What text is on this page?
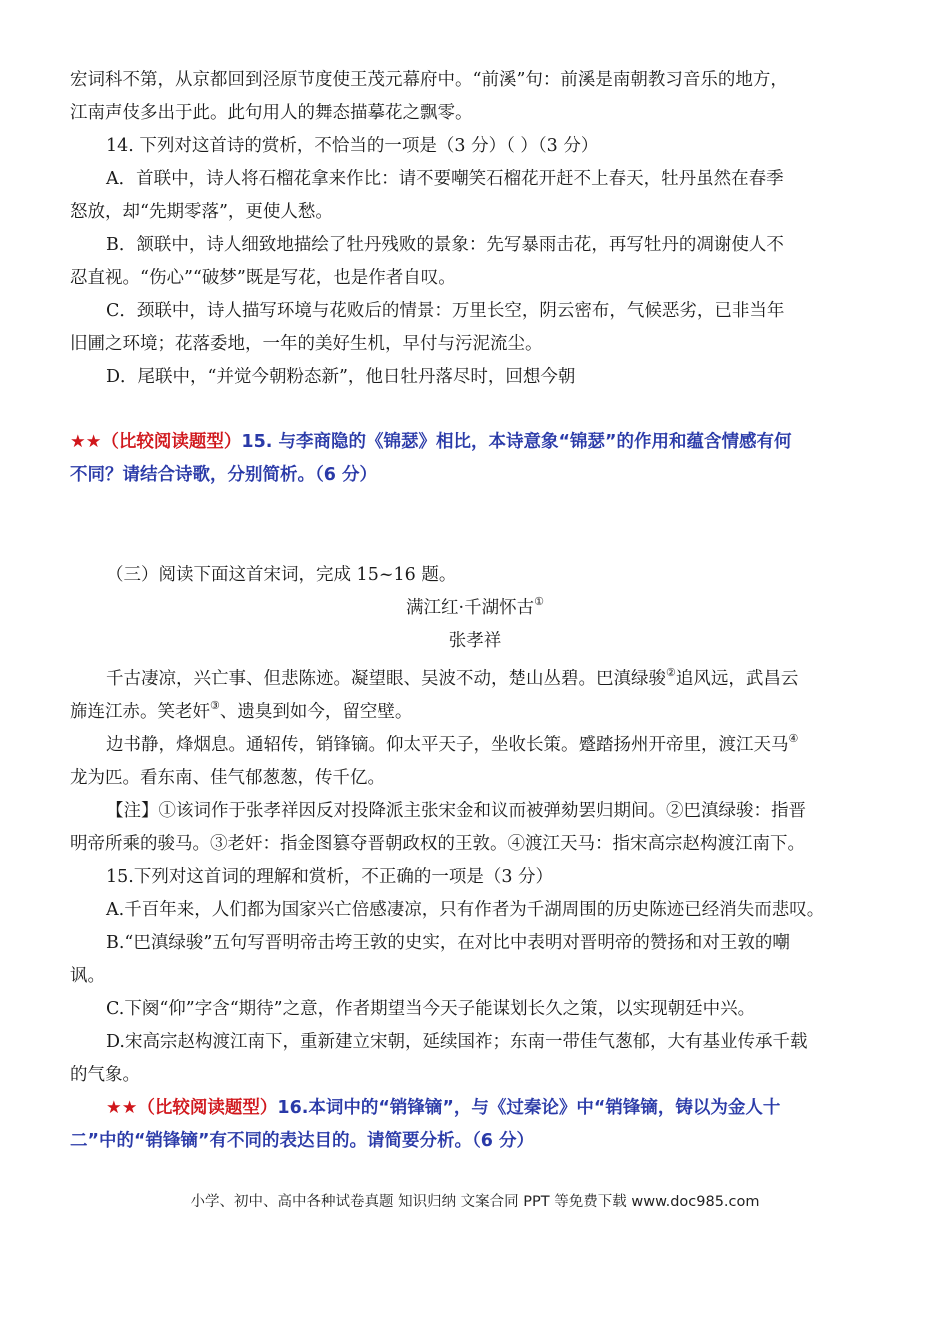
宏词科不第，从京都回到泾原节度使王茂元幕府中。“前溪”句：前溪是南朝教习音乐的地方，
江南声伎多出于此。此句用人的舞态描摹花之飘零。
14. 下列对这首诗的赏析，不恰当的一项是（3 分）（ ）（3 分）
A．首联中，诗人将石榴花拿来作比：请不要嘲笑石榴花开赶不上春天，牡丹虽然在春季
怒放，却“先期零落”，更使人愁。
B．颔联中，诗人细致地描绘了牡丹残败的景象：先写暴雨击花，再写牡丹的凋谢使人不
忍直视。“伤心”“破梦”既是写花，也是作者自叹。
C．颈联中，诗人描写环境与花败后的情景：万里长空，阴云密布，气候恶劣，已非当年
旧圃之环境；花落委地，一年的美好生机，早付与污泥流尘。
D．尾联中，“并觉今朝粉态新”，他日牡丹落尽时，回想今朝
★★（比较阅读题型）15. 与李商隐的《锦瑟》相比，本诗意象“锦瑟”的作用和蕴含情感有何
不同？请结合诗歌，分别简析。（6 分）
（三）阅读下面这首宋词，完成 15~16 题。
满江红·千湖怀古①
张孝祥
千古凄凉，兴亡事、但悲陈迹。凝望眼、吴波不动，楚山丛碧。巴滇绿骏②追风远，武昌云
旆连江赤。笑老奸③、遗臭到如今，留空壁。
边书静，烽烟息。通轺传，销锋镝。仰太平天子，坐收长策。蹙踏扬州开帝里，渡江天马④
龙为匹。看东南、佳气郁葱葱，传千亿。
【注】①该词作于张孝祥因反对投降派主张宋金和议而被弹劾罢归期间。②巴滇绿骏：指晋
明帝所乘的骏马。③老奸：指金图篡夺晋朝政权的王敦。④渡江天马：指宋高宗赵构渡江南下。
15.下列对这首词的理解和赏析，不正确的一项是（3 分）
A.千百年来，人们都为国家兴亡倍感凄凉，只有作者为千湖周围的历史陈迹已经消失而悲叹。
B.“巴滇绿骏”五句写晋明帝击垮王敦的史实，在对比中表明对晋明帝的赞扬和对王敦的嘲
讽。
C.下阕“仰”字含“期待”之意，作者期望当今天子能谋划长久之策，以实现朝廷中兴。
D.宋高宗赵构渡江南下，重新建立宋朝，延续国祚；东南一带佳气葱郁，大有基业传承千载
的气象。
★★（比较阅读题型）16.本词中的“销锋镝”，与《过秦论》中“销锋镝，铸以为金人十
二”中的“销锋镝”有不同的表达目的。请简要分析。（6 分）
小学、初中、高中各种试卷真题 知识归纳 文案合同 PPT 等免费下载 www.doc985.com
